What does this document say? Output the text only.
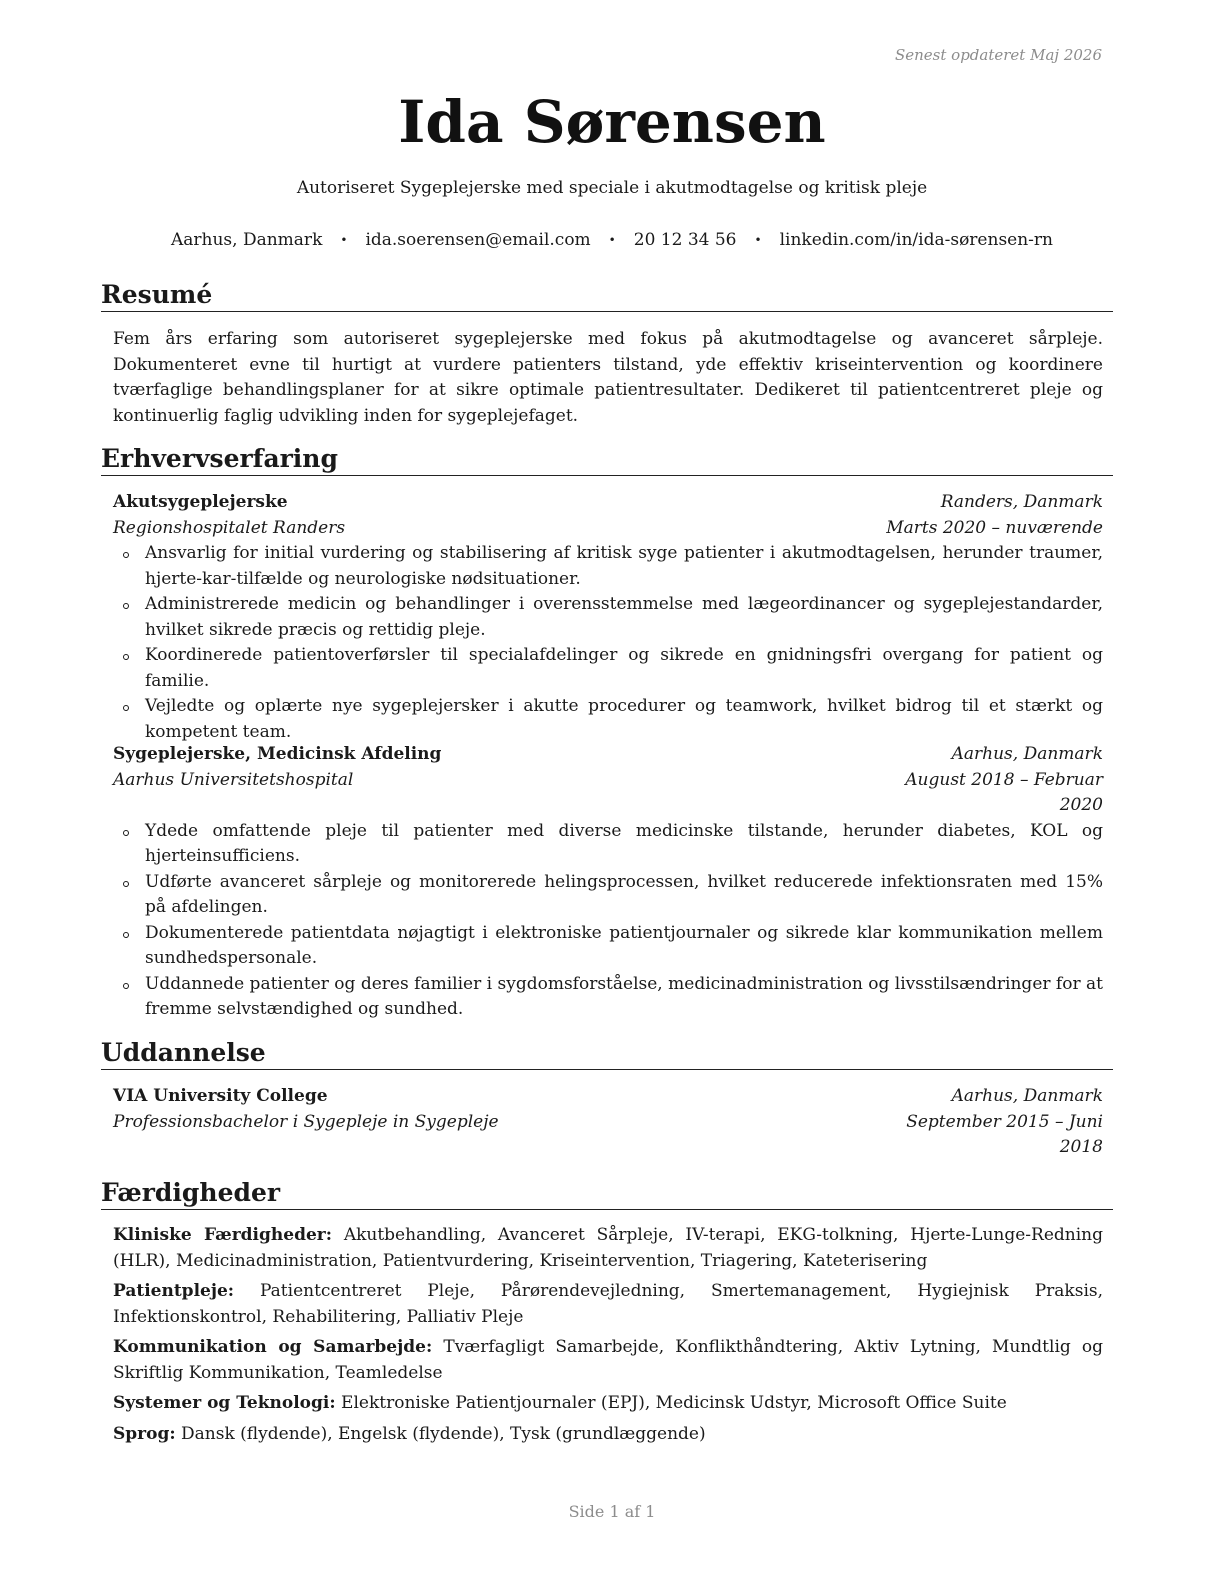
Senest opdateret Maj 2026
Ida Sørensen
Autoriseret Sygeplejerske med speciale i akutmodtagelse og kritisk pleje
Aarhus, Danmark • ida.soerensen@email.com • 20 12 34 56 • linkedin.com/in/ida-sørensen-rn
Resumé
Fem års erfaring som autoriseret sygeplejerske med fokus på akutmodtagelse og avanceret sårpleje. Dokumenteret evne til hurtigt at vurdere patienters tilstand, yde effektiv kriseintervention og koordinere tværfaglige behandlingsplaner for at sikre optimale patientresultater. Dedikeret til patientcentreret pleje og kontinuerlig faglig udvikling inden for sygeplejefaget.
Erhvervserfaring
Akutsygeplejerske	Randers, Danmark
Regionshospitalet Randers	Marts 2020 – nuværende
Ansvarlig for initial vurdering og stabilisering af kritisk syge patienter i akutmodtagelsen, herunder traumer, hjerte-kar-tilfælde og neurologiske nødsituationer.
Administrerede medicin og behandlinger i overensstemmelse med lægeordinancer og sygeplejestandarder, hvilket sikrede præcis og rettidig pleje.
Koordinerede patientoverførsler til specialafdelinger og sikrede en gnidningsfri overgang for patient og familie.
Vejledte og oplærte nye sygeplejersker i akutte procedurer og teamwork, hvilket bidrog til et stærkt og kompetent team.
Sygeplejerske, Medicinsk Afdeling	Aarhus, Danmark
Aarhus Universitetshospital	August 2018 – Februar 2020
Ydede omfattende pleje til patienter med diverse medicinske tilstande, herunder diabetes, KOL og hjerteinsufficiens.
Udførte avanceret sårpleje og monitorerede helingsprocessen, hvilket reducerede infektionsraten med 15% på afdelingen.
Dokumenterede patientdata nøjagtigt i elektroniske patientjournaler og sikrede klar kommunikation mellem sundhedspersonale.
Uddannede patienter og deres familier i sygdomsforståelse, medicinadministration og livsstilsændringer for at fremme selvstændighed og sundhed.
Uddannelse
VIA University College	Aarhus, Danmark
Professionsbachelor i Sygepleje in Sygepleje	September 2015 – Juni 2018
Færdigheder

Kliniske Færdigheder: Akutbehandling, Avanceret Sårpleje, IV-terapi, EKG-tolkning, Hjerte-Lunge-Redning (HLR), Medicinadministration, Patientvurdering, Kriseintervention, Triagering, Kateterisering

Patientpleje: Patientcentreret Pleje, Pårørendevejledning, Smertemanagement, Hygiejnisk Praksis, Infektionskontrol, Rehabilitering, Palliativ Pleje

Kommunikation og Samarbejde: Tværfagligt Samarbejde, Konflikthåndtering, Aktiv Lytning, Mundtlig og Skriftlig Kommunikation, Teamledelse

Systemer og Teknologi: Elektroniske Patientjournaler (EPJ), Medicinsk Udstyr, Microsoft Office Suite

Sprog: Dansk (flydende), Engelsk (flydende), Tysk (grundlæggende)

Side 1 af 1
